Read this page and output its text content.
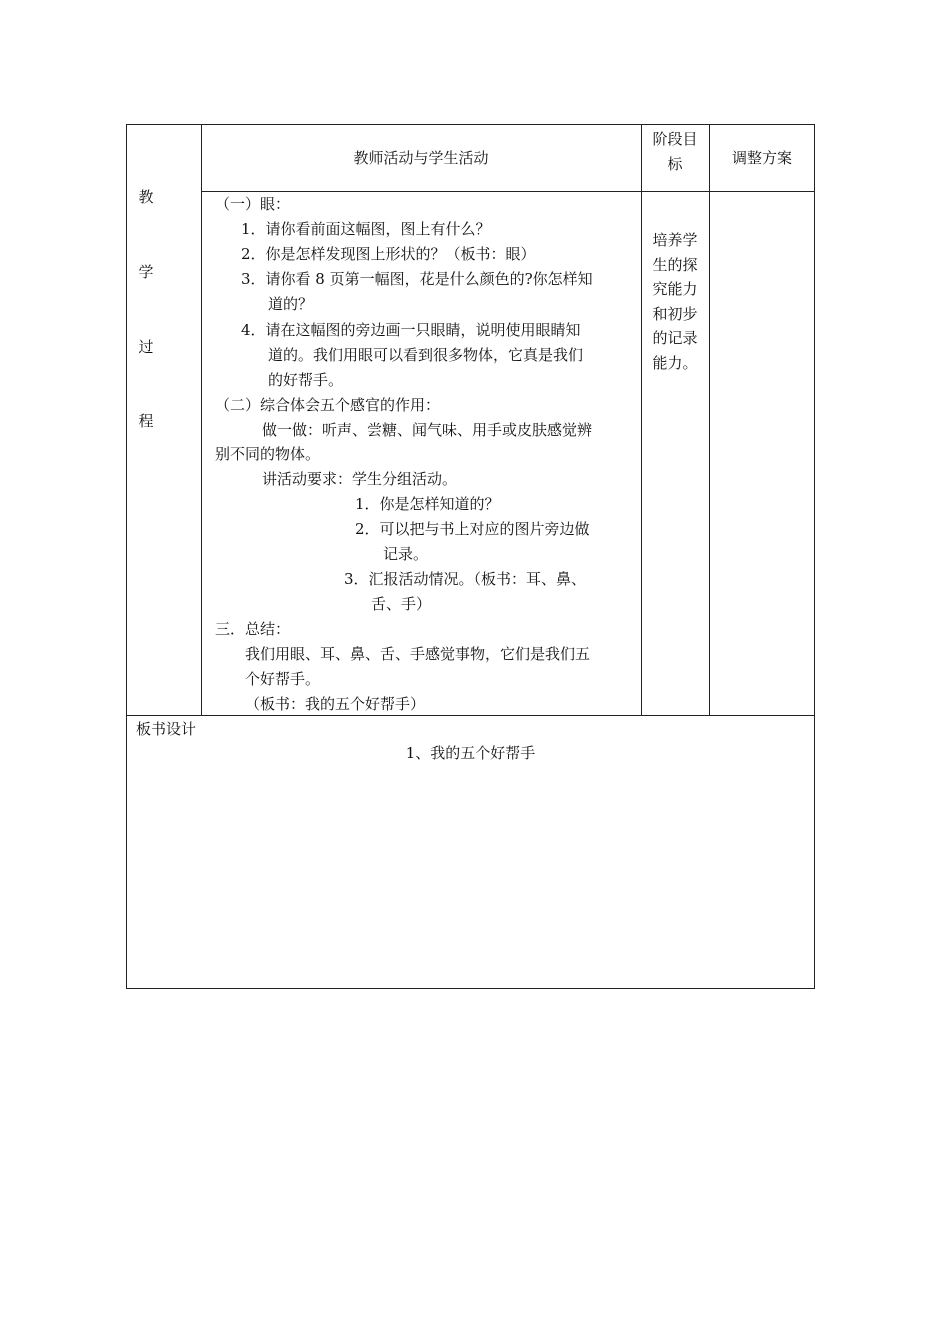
教
学
过
程
教师活动与学生活动
阶段目
标	调整方案
（一）眼：
1．请你看前面这幅图，图上有什么？
2．你是怎样发现图上形状的？（板书：眼）
3．请你看 8 页第一幅图，花是什么颜色的?你怎样知
道的？
4．请在这幅图的旁边画一只眼睛，说明使用眼睛知
道的。我们用眼可以看到很多物体，它真是我们
的好帮手。
（二）综合体会五个感官的作用：
做一做：听声、尝糖、闻气味、用手或皮肤感觉辨
别不同的物体。
讲活动要求：学生分组活动。
1．你是怎样知道的？
2．可以把与书上对应的图片旁边做
记录。
3．汇报活动情况。（板书：耳、鼻、
舌、手）
三．总结：
我们用眼、耳、鼻、舌、手感觉事物，它们是我们五
个好帮手。
（板书：我的五个好帮手）
培养学
生的探
究能力
和初步
的记录
能力。
板书设计
1、我的五个好帮手
